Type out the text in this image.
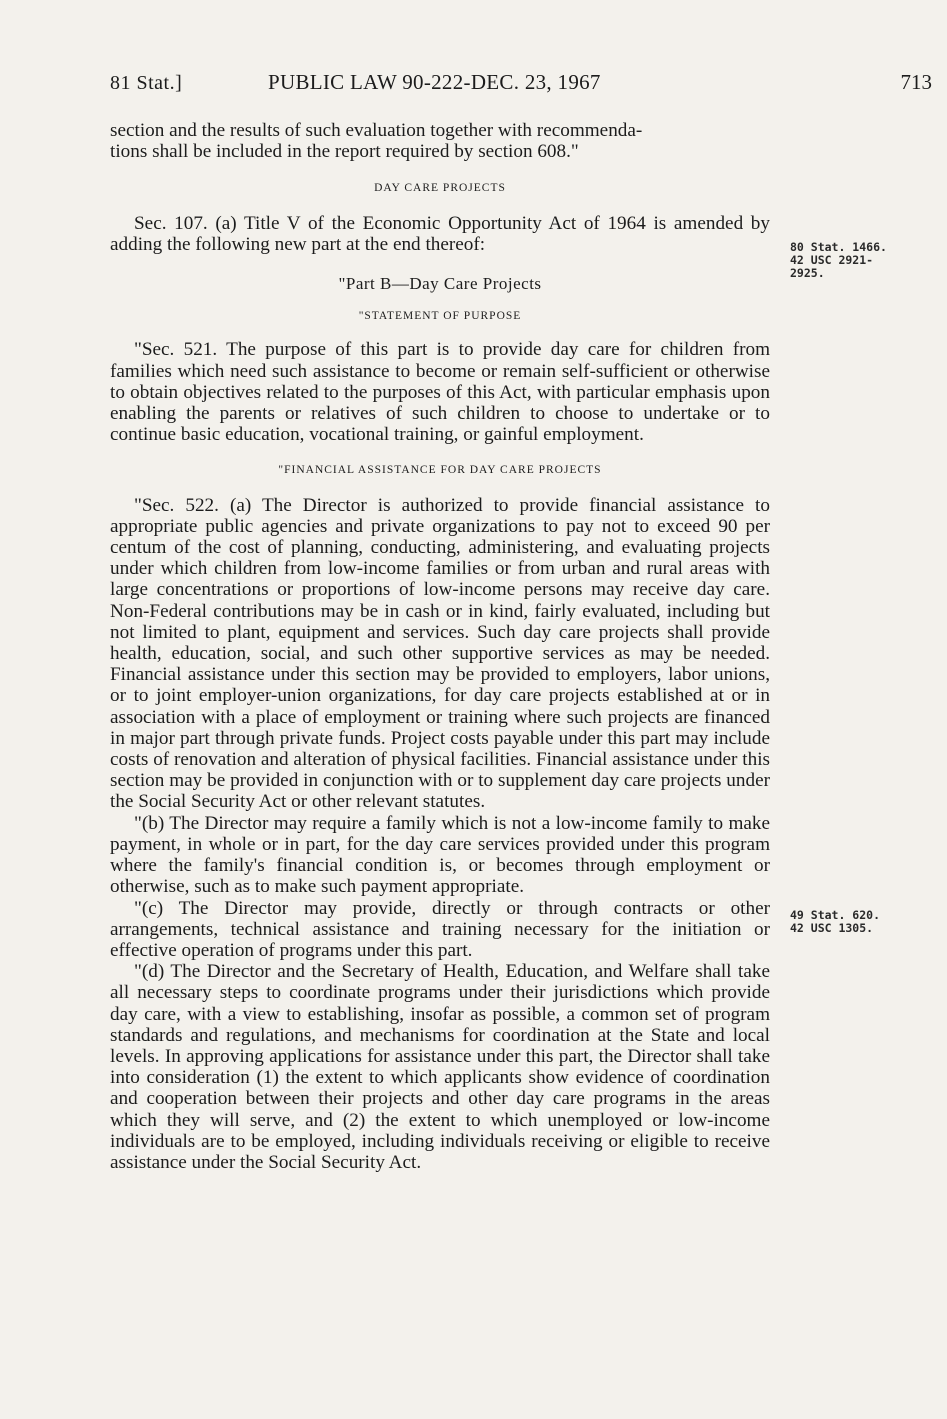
81 Stat.]	PUBLIC LAW 90-222-DEC. 23, 1967	713

section and the results of such evaluation together with recommenda-

tions shall be included in the report required by section 608."

DAY CARE PROJECTS

Sec. 107. (a) Title V of the Economic Opportunity Act of 1964 is amended by adding the following new part at the end thereof:

"Part B—Day Care Projects

"STATEMENT OF PURPOSE

"Sec. 521. The purpose of this part is to provide day care for children from families which need such assistance to become or remain self-sufficient or otherwise to obtain objectives related to the purposes of this Act, with particular emphasis upon enabling the parents or relatives of such children to choose to undertake or to continue basic education, vocational training, or gainful employment.

"FINANCIAL ASSISTANCE FOR DAY CARE PROJECTS

"Sec. 522. (a) The Director is authorized to provide financial assistance to appropriate public agencies and private organizations to pay not to exceed 90 per centum of the cost of planning, conducting, administering, and evaluating projects under which children from low-income families or from urban and rural areas with large concentrations or proportions of low-income persons may receive day care. Non-Federal contributions may be in cash or in kind, fairly evaluated, including but not limited to plant, equipment and services. Such day care projects shall provide health, education, social, and such other supportive services as may be needed. Financial assistance under this section may be provided to employers, labor unions, or to joint employer-union organizations, for day care projects established at or in association with a place of employment or training where such projects are financed in major part through private funds. Project costs payable under this part may include costs of renovation and alteration of physical facilities. Financial assistance under this section may be provided in conjunction with or to supplement day care projects under the Social Security Act or other relevant statutes.

"(b) The Director may require a family which is not a low-income family to make payment, in whole or in part, for the day care services provided under this program where the family's financial condition is, or becomes through employment or otherwise, such as to make such payment appropriate.

"(c) The Director may provide, directly or through contracts or other arrangements, technical assistance and training necessary for the initiation or effective operation of programs under this part.

"(d) The Director and the Secretary of Health, Education, and Welfare shall take all necessary steps to coordinate programs under their jurisdictions which provide day care, with a view to establishing, insofar as possible, a common set of program standards and regulations, and mechanisms for coordination at the State and local levels. In approving applications for assistance under this part, the Director shall take into consideration (1) the extent to which applicants show evidence of coordination and cooperation between their projects and other day care programs in the areas which they will serve, and (2) the extent to which unemployed or low-income individuals are to be employed, including individuals receiving or eligible to receive assistance under the Social Security Act.

80 Stat. 1466.
42 USC 2921-
2925.
49 Stat. 620.
42 USC 1305.
